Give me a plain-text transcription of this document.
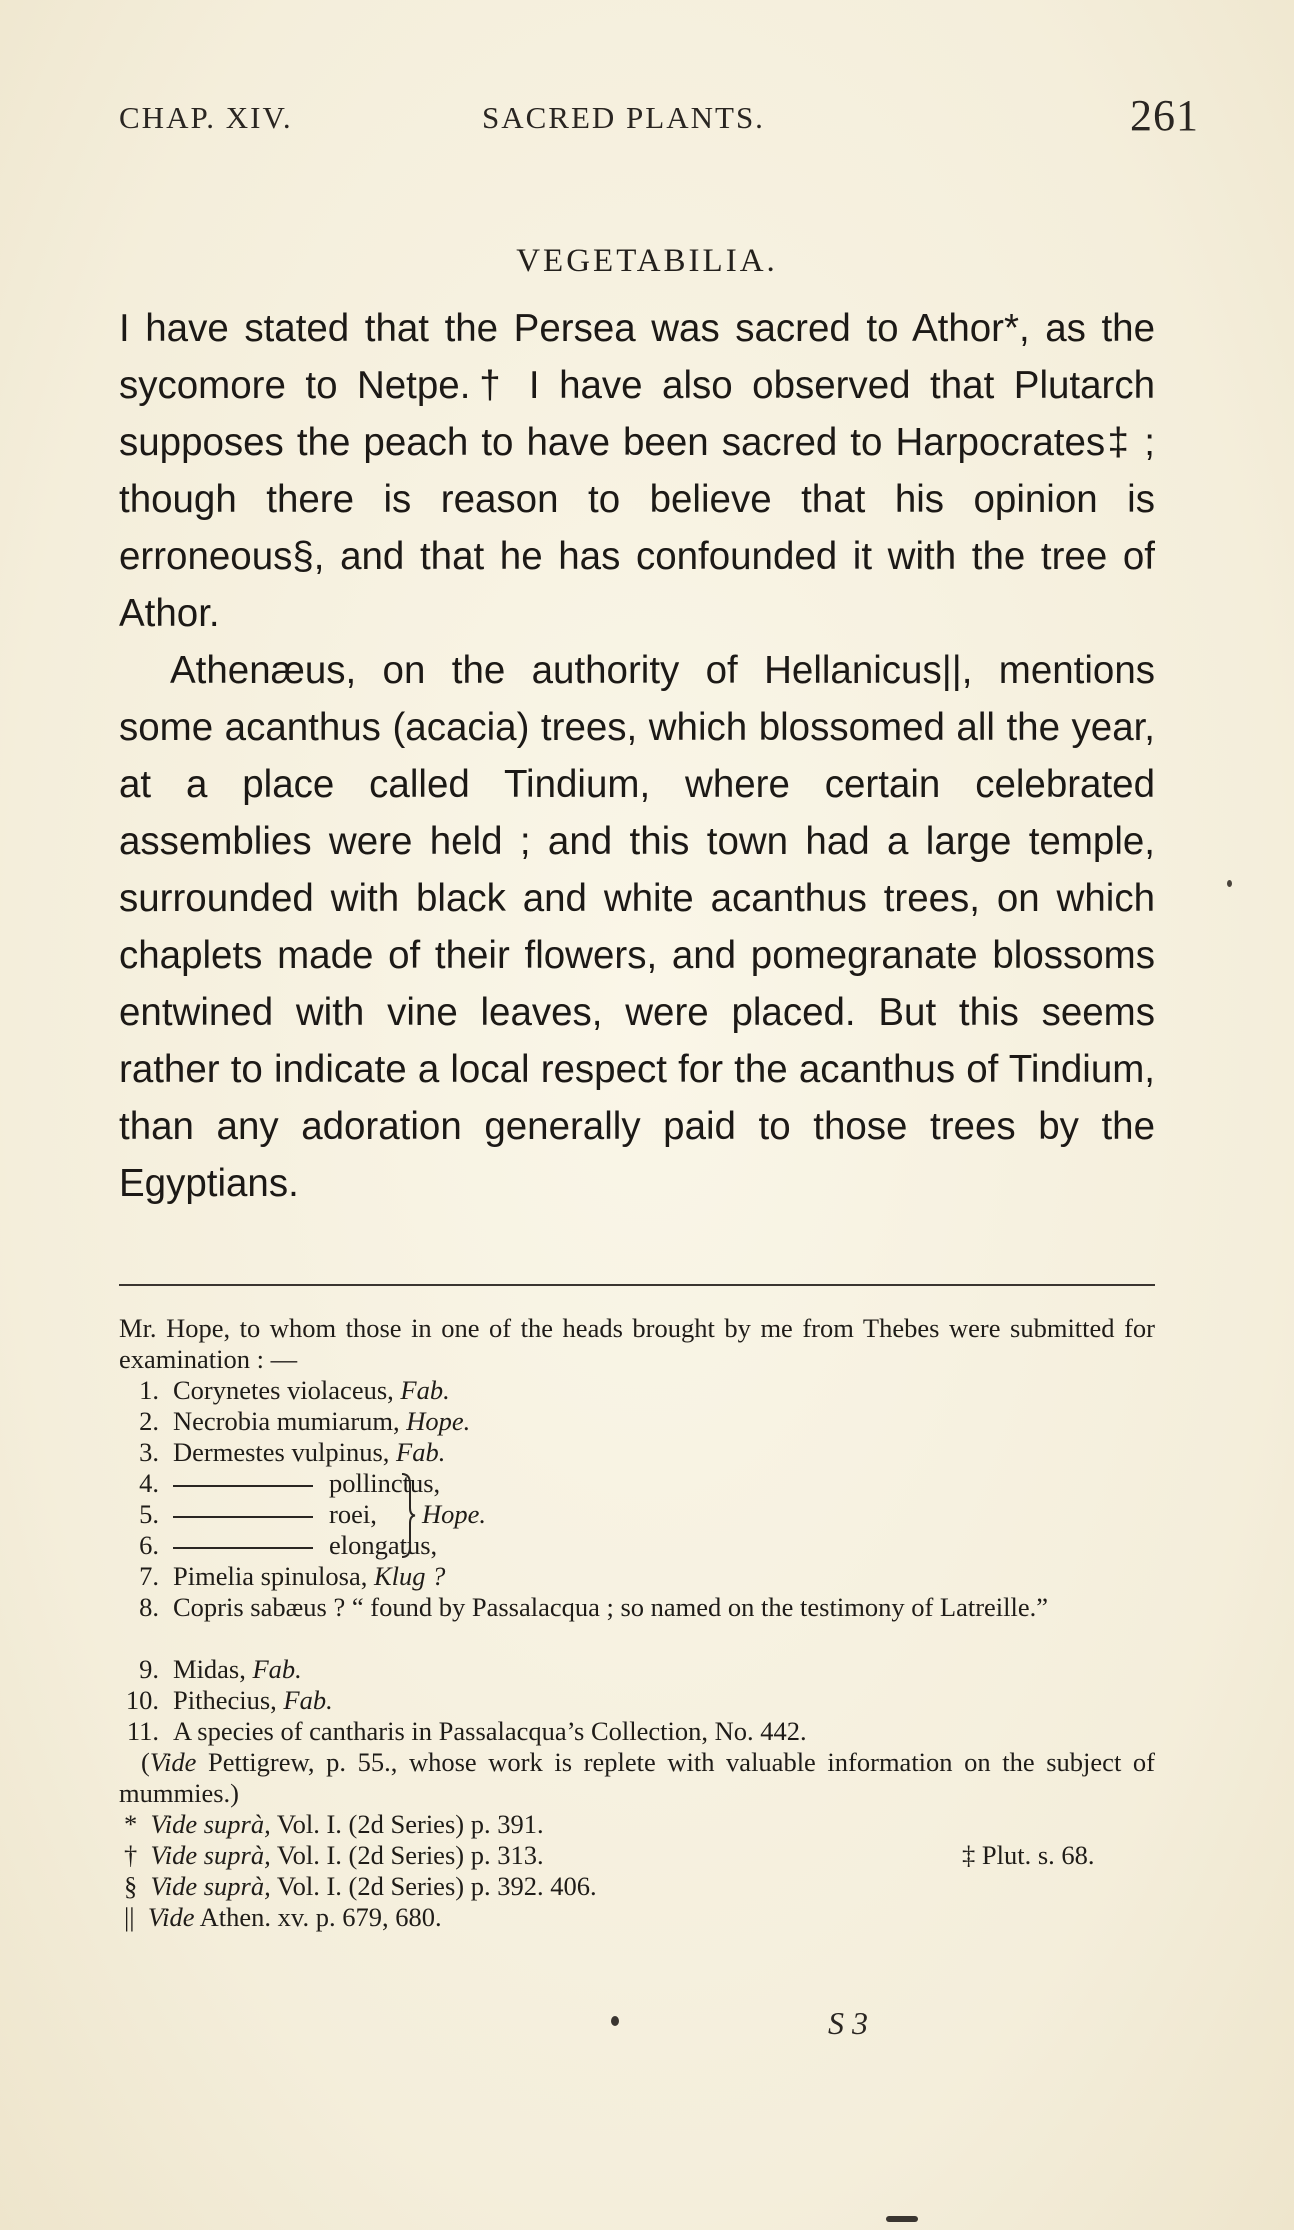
CHAP. XIV.	SACRED PLANTS.	261
VEGETABILIA.
I have stated that the Persea was sacred to Athor*, as the sycomore to Netpe.† I have also observed that Plutarch supposes the peach to have been sacred to Harpocrates‡ ; though there is reason to believe that his opinion is erroneous§, and that he has confounded it with the tree of Athor.
Athenæus, on the authority of Hellanicus||, mentions some acanthus (acacia) trees, which blossomed all the year, at a place called Tindium, where certain celebrated assemblies were held ; and this town had a large temple, surrounded with black and white acanthus trees, on which chaplets made of their flowers, and pomegranate blossoms entwined with vine leaves, were placed. But this seems rather to indicate a local respect for the acanthus of Tindium, than any adoration generally paid to those trees by the Egyptians.
Mr. Hope, to whom those in one of the heads brought by me from Thebes were submitted for examination : —
1. Corynetes violaceus, Fab.
2. Necrobia mumiarum, Hope.
3. Dermestes vulpinus, Fab.
4.	pollinctus,
5.	roei,
6.	elongatus,
Hope.
7. Pimelia spinulosa, Klug ?
8. Copris sabæus ? “ found by Passalacqua ; so named on the testimony of Latreille.”
9. Midas, Fab.
10. Pithecius, Fab.
11. A species of cantharis in Passalacqua’s Collection, No. 442.
(Vide Pettigrew, p. 55., whose work is replete with valuable information on the subject of mummies.)
* Vide suprà, Vol. I. (2d Series) p. 391.
† Vide suprà, Vol. I. (2d Series) p. 313.	‡ Plut. s. 68.
§ Vide suprà, Vol. I. (2d Series) p. 392. 406.
|| Vide Athen. xv. p. 679, 680.
S 3
